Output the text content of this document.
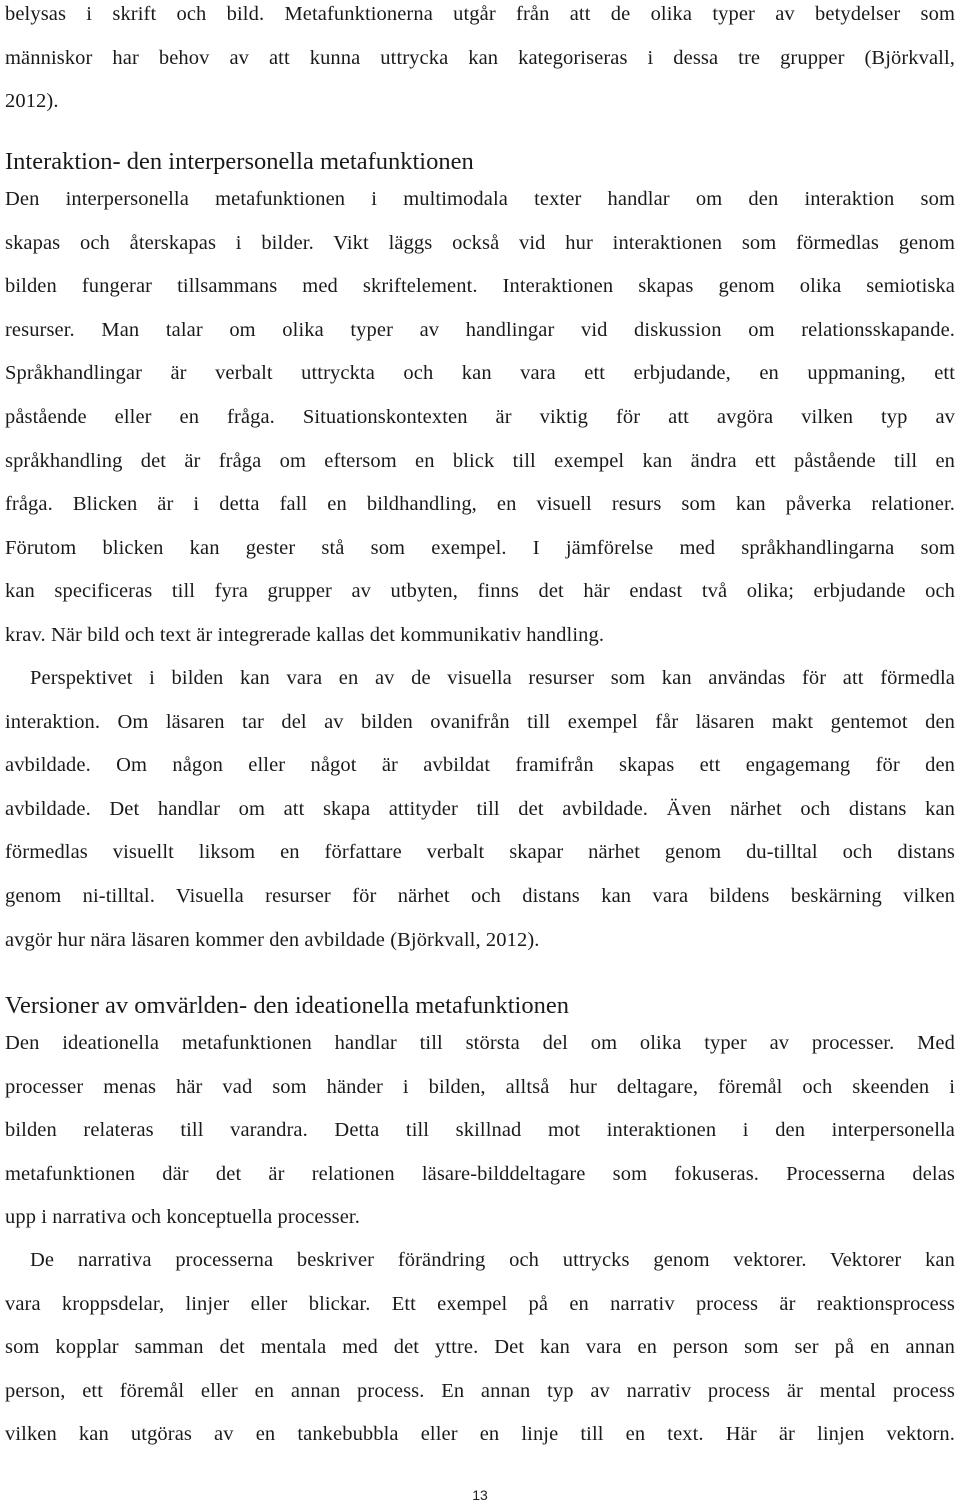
belysas i skrift och bild. Metafunktionerna utgår från att de olika typer av betydelser som
människor har behov av att kunna uttrycka kan kategoriseras i dessa tre grupper (Björkvall,
2012).

Interaktion- den interpersonella metafunktionen

Den interpersonella metafunktionen i multimodala texter handlar om den interaktion som
skapas och återskapas i bilder. Vikt läggs också vid hur interaktionen som förmedlas genom
bilden fungerar tillsammans med skriftelement. Interaktionen skapas genom olika semiotiska
resurser. Man talar om olika typer av handlingar vid diskussion om relationsskapande.
Språkhandlingar är verbalt uttryckta och kan vara ett erbjudande, en uppmaning, ett
påstående eller en fråga. Situationskontexten är viktig för att avgöra vilken typ av
språkhandling det är fråga om eftersom en blick till exempel kan ändra ett påstående till en
fråga. Blicken är i detta fall en bildhandling, en visuell resurs som kan påverka relationer.
Förutom blicken kan gester stå som exempel. I jämförelse med språkhandlingarna som
kan specificeras till fyra grupper av utbyten, finns det här endast två olika; erbjudande och
krav. När bild och text är integrerade kallas det kommunikativ handling.

Perspektivet i bilden kan vara en av de visuella resurser som kan användas för att förmedla
interaktion. Om läsaren tar del av bilden ovanifrån till exempel får läsaren makt gentemot den
avbildade. Om någon eller något är avbildat framifrån skapas ett engagemang för den
avbildade. Det handlar om att skapa attityder till det avbildade. Även närhet och distans kan
förmedlas visuellt liksom en författare verbalt skapar närhet genom du-tilltal och distans
genom ni-tilltal. Visuella resurser för närhet och distans kan vara bildens beskärning vilken
avgör hur nära läsaren kommer den avbildade (Björkvall, 2012).

Versioner av omvärlden- den ideationella metafunktionen

Den ideationella metafunktionen handlar till största del om olika typer av processer. Med
processer menas här vad som händer i bilden, alltså hur deltagare, föremål och skeenden i
bilden relateras till varandra. Detta till skillnad mot interaktionen i den interpersonella
metafunktionen där det är relationen läsare-bilddeltagare som fokuseras. Processerna delas
upp i narrativa och konceptuella processer.

De narrativa processerna beskriver förändring och uttrycks genom vektorer. Vektorer kan
vara kroppsdelar, linjer eller blickar. Ett exempel på en narrativ process är reaktionsprocess
som kopplar samman det mentala med det yttre. Det kan vara en person som ser på en annan
person, ett föremål eller en annan process. En annan typ av narrativ process är mental process
vilken kan utgöras av en tankebubbla eller en linje till en text. Här är linjen vektorn.

13
